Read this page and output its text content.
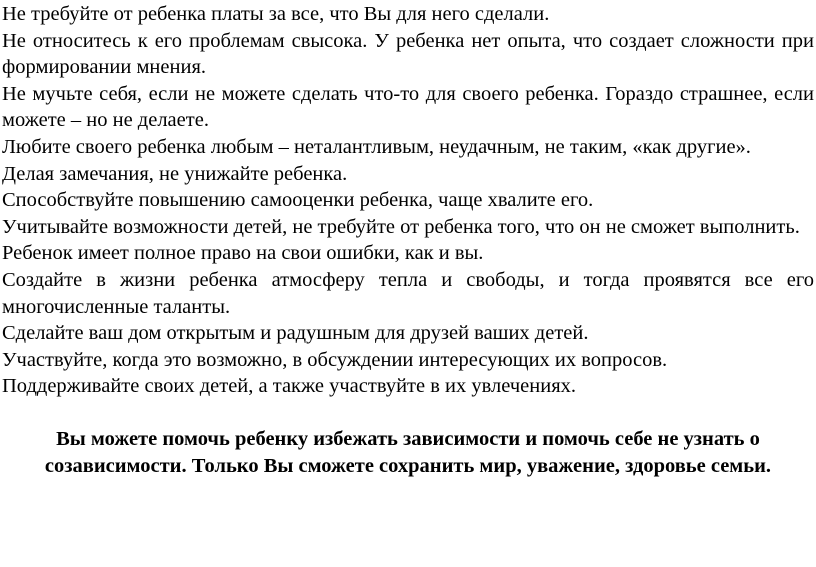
Не требуйте от ребенка платы за все, что Вы для него сделали.

Не относитесь к его проблемам свысока. У ребенка нет опыта, что создает сложности при формировании мнения.

Не мучьте себя, если не можете сделать что-то для своего ребенка. Гораздо страшнее, если можете – но не делаете.

Любите своего ребенка любым – неталантливым, неудачным, не таким, «как другие».

Делая замечания, не унижайте ребенка.

Способствуйте повышению самооценки ребенка, чаще хвалите его.

Учитывайте возможности детей, не требуйте от ребенка того, что он не сможет выполнить.

Ребенок имеет полное право на свои ошибки, как и вы.

Создайте в жизни ребенка атмосферу тепла и свободы, и тогда проявятся все его многочисленные таланты.

Сделайте ваш дом открытым и радушным для друзей ваших детей.

Участвуйте, когда это возможно, в обсуждении интересующих их вопросов.

Поддерживайте своих детей, а также участвуйте в их увлечениях.

Вы можете помочь ребенку избежать зависимости и помочь себе не узнать о созависимости. Только Вы сможете сохранить мир, уважение, здоровье семьи.
